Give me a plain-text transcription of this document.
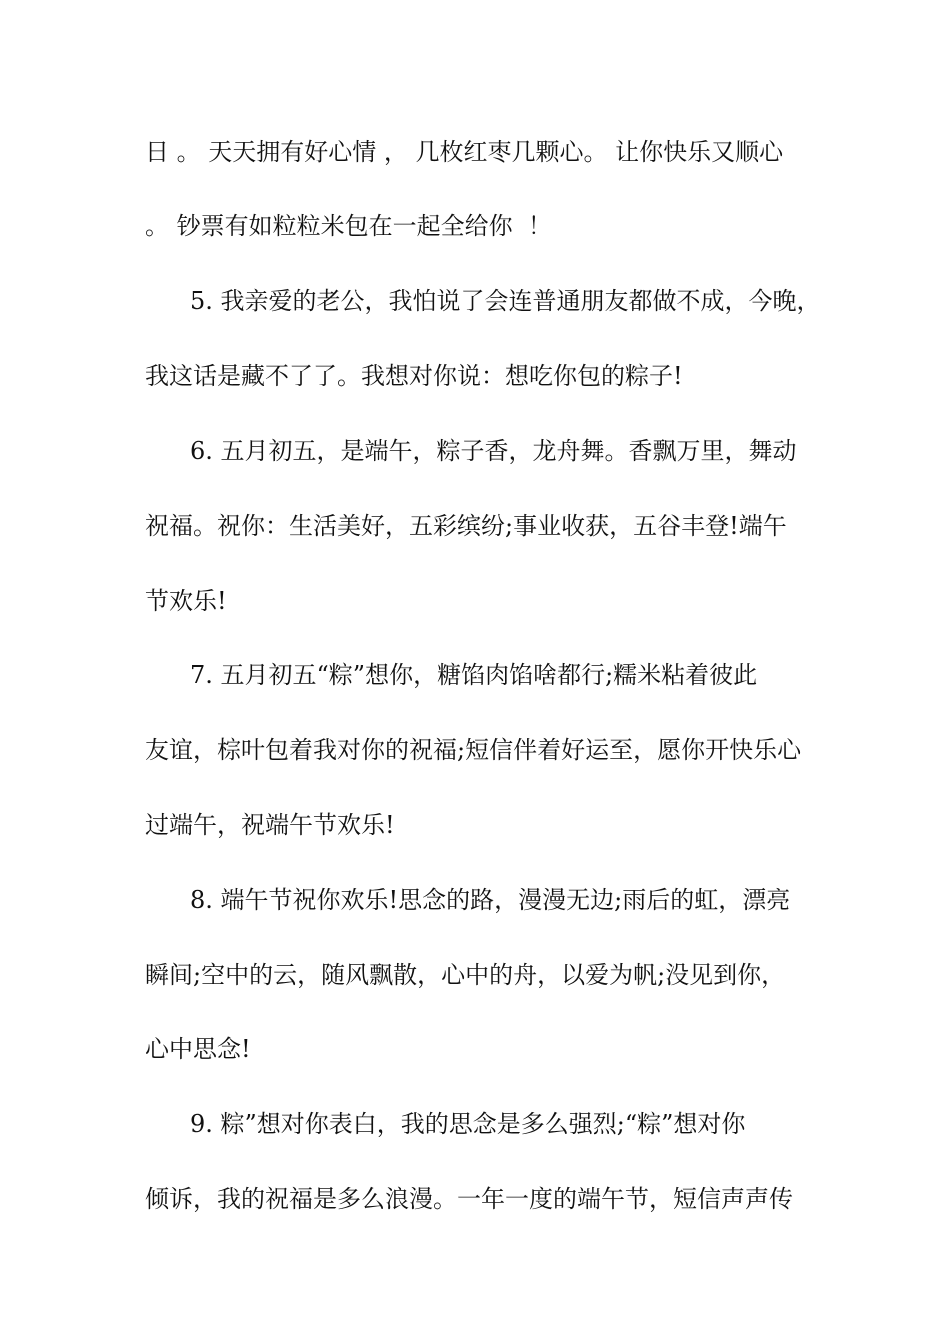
日 。 天天拥有好心情 ， 几枚红枣几颗心。 让你快乐又顺心
。 钞票有如粒粒米包在一起全给你  ！
5. 我亲爱的老公，我怕说了会连普通朋友都做不成，今晚，
我这话是藏不了了。我想对你说：想吃你包的粽子!
6. 五月初五，是端午，粽子香，龙舟舞。香飘万里，舞动
祝福。祝你：生活美好，五彩缤纷;事业收获，五谷丰登!端午
节欢乐!
7. 五月初五“粽”想你，糖馅肉馅啥都行;糯米粘着彼此
友谊，棕叶包着我对你的祝福;短信伴着好运至，愿你开快乐心
过端午，祝端午节欢乐!
8. 端午节祝你欢乐!思念的路，漫漫无边;雨后的虹，漂亮
瞬间;空中的云，随风飘散，心中的舟，以爱为帆;没见到你，
心中思念!
9. 粽”想对你表白，我的思念是多么强烈;“粽”想对你
倾诉，我的祝福是多么浪漫。一年一度的端午节，短信声声传
